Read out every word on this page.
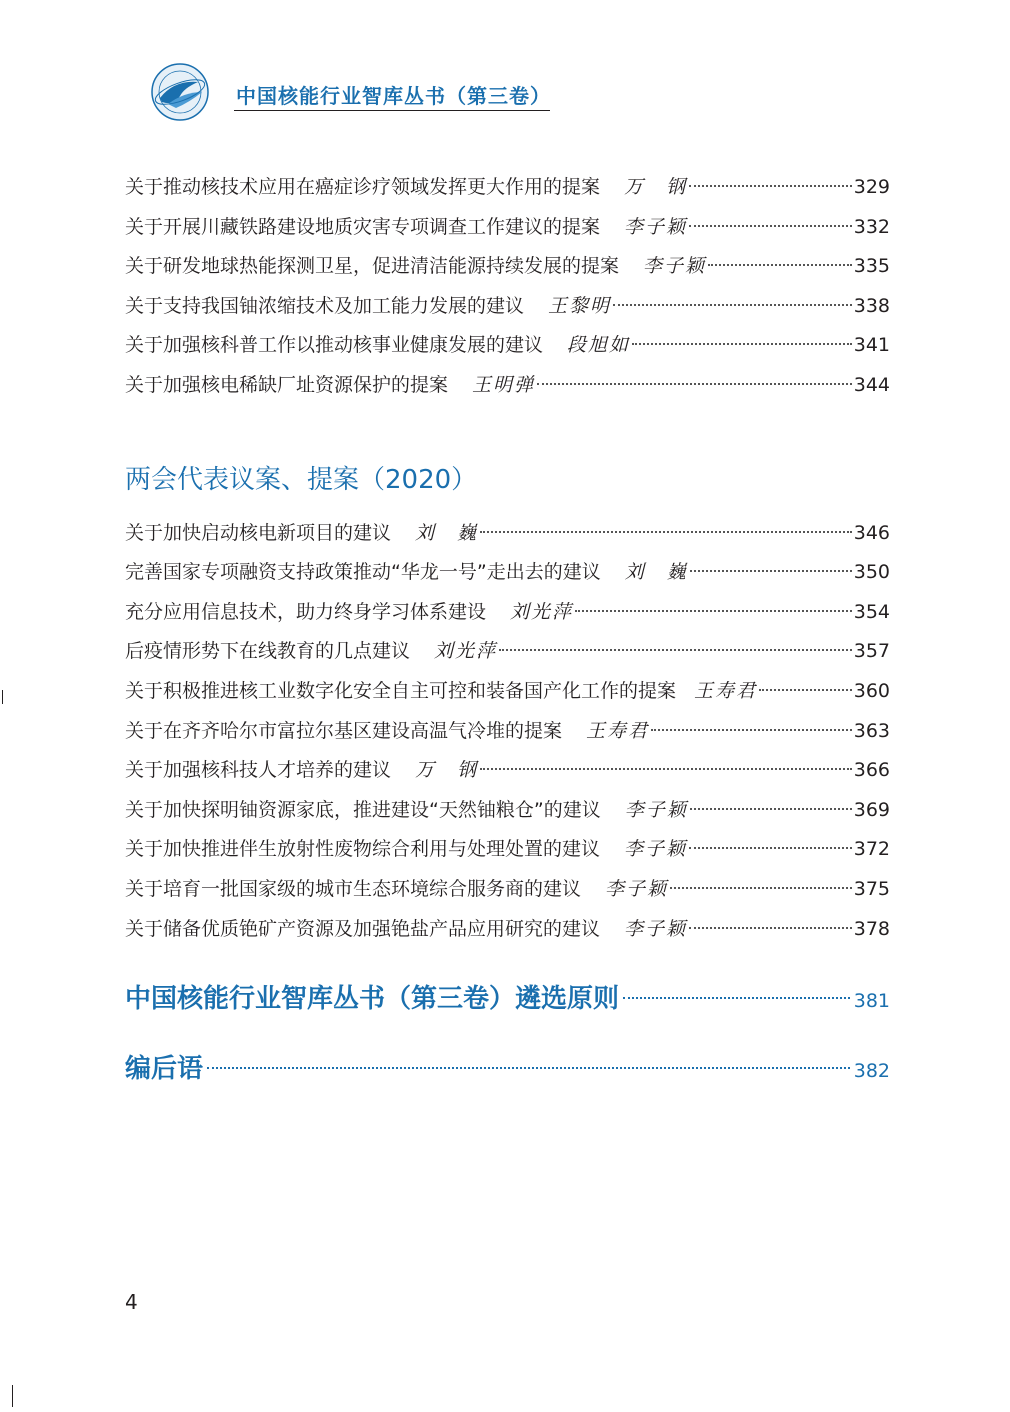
中国核能行业智库丛书（第三卷）
关于推动核技术应用在癌症诊疗领域发挥更大作用的提案 万　钢	329
关于开展川藏铁路建设地质灾害专项调查工作建议的提案 李子颖	332
关于研发地球热能探测卫星，促进清洁能源持续发展的提案 李子颖	335
关于支持我国铀浓缩技术及加工能力发展的建议 王黎明	338
关于加强核科普工作以推动核事业健康发展的建议 段旭如	341
关于加强核电稀缺厂址资源保护的提案 王明弹	344
两会代表议案、提案（2020）
关于加快启动核电新项目的建议 刘　巍	346
完善国家专项融资支持政策推动“华龙一号”走出去的建议 刘　巍	350
充分应用信息技术，助力终身学习体系建设 刘光萍	354
后疫情形势下在线教育的几点建议 刘光萍	357
关于积极推进核工业数字化安全自主可控和装备国产化工作的提案 王寿君	360
关于在齐齐哈尔市富拉尔基区建设高温气冷堆的提案 王寿君	363
关于加强核科技人才培养的建议 万　钢	366
关于加快探明铀资源家底，推进建设“天然铀粮仓”的建议 李子颖	369
关于加快推进伴生放射性废物综合利用与处理处置的建议 李子颖	372
关于培育一批国家级的城市生态环境综合服务商的建议 李子颖	375
关于储备优质铯矿产资源及加强铯盐产品应用研究的建议 李子颖	378
中国核能行业智库丛书（第三卷）遴选原则	381
编后语	382
4
